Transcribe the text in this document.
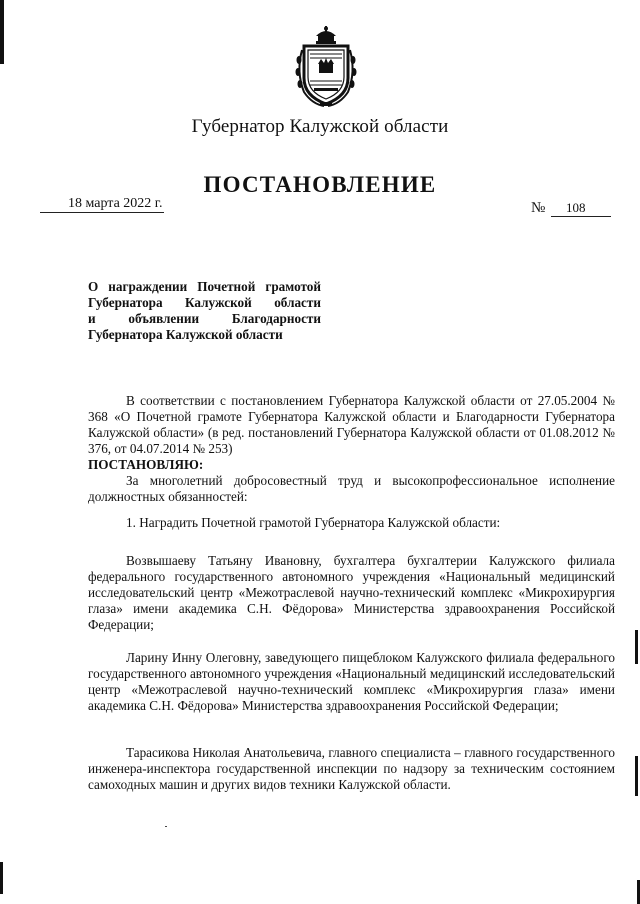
Губернатор Калужской области
ПОСТАНОВЛЕНИЕ
18 марта 2022 г.	№ 108
О награждении Почетной грамотой
Губернатора Калужской области
и объявлении Благодарности
Губернатора Калужской области
В соответствии с постановлением Губернатора Калужской области от 27.05.2004 № 368 «О Почетной грамоте Губернатора Калужской области и Благодарности Губернатора Калужской области» (в ред. постановлений Губернатора Калужской области от 01.08.2012 № 376, от 04.07.2014 № 253)
ПОСТАНОВЛЯЮ:
За многолетний добросовестный труд и высокопрофессиональное исполнение должностных обязанностей:
1. Наградить Почетной грамотой Губернатора Калужской области:
Возвышаеву Татьяну Ивановну, бухгалтера бухгалтерии Калужского филиала федерального государственного автономного учреждения «Национальный медицинский исследовательский центр «Межотраслевой научно-технический комплекс «Микрохирургия глаза» имени академика С.Н. Фёдорова» Министерства здравоохранения Российской Федерации;
Ларину Инну Олеговну, заведующего пищеблоком Калужского филиала федерального государственного автономного учреждения «Национальный медицинский исследовательский центр «Межотраслевой научно-технический комплекс «Микрохирургия глаза» имени академика С.Н. Фёдорова» Министерства здравоохранения Российской Федерации;
Тарасикова Николая Анатольевича, главного специалиста – главного государственного инженера-инспектора государственной инспекции по надзору за техническим состоянием самоходных машин и других видов техники Калужской области.
